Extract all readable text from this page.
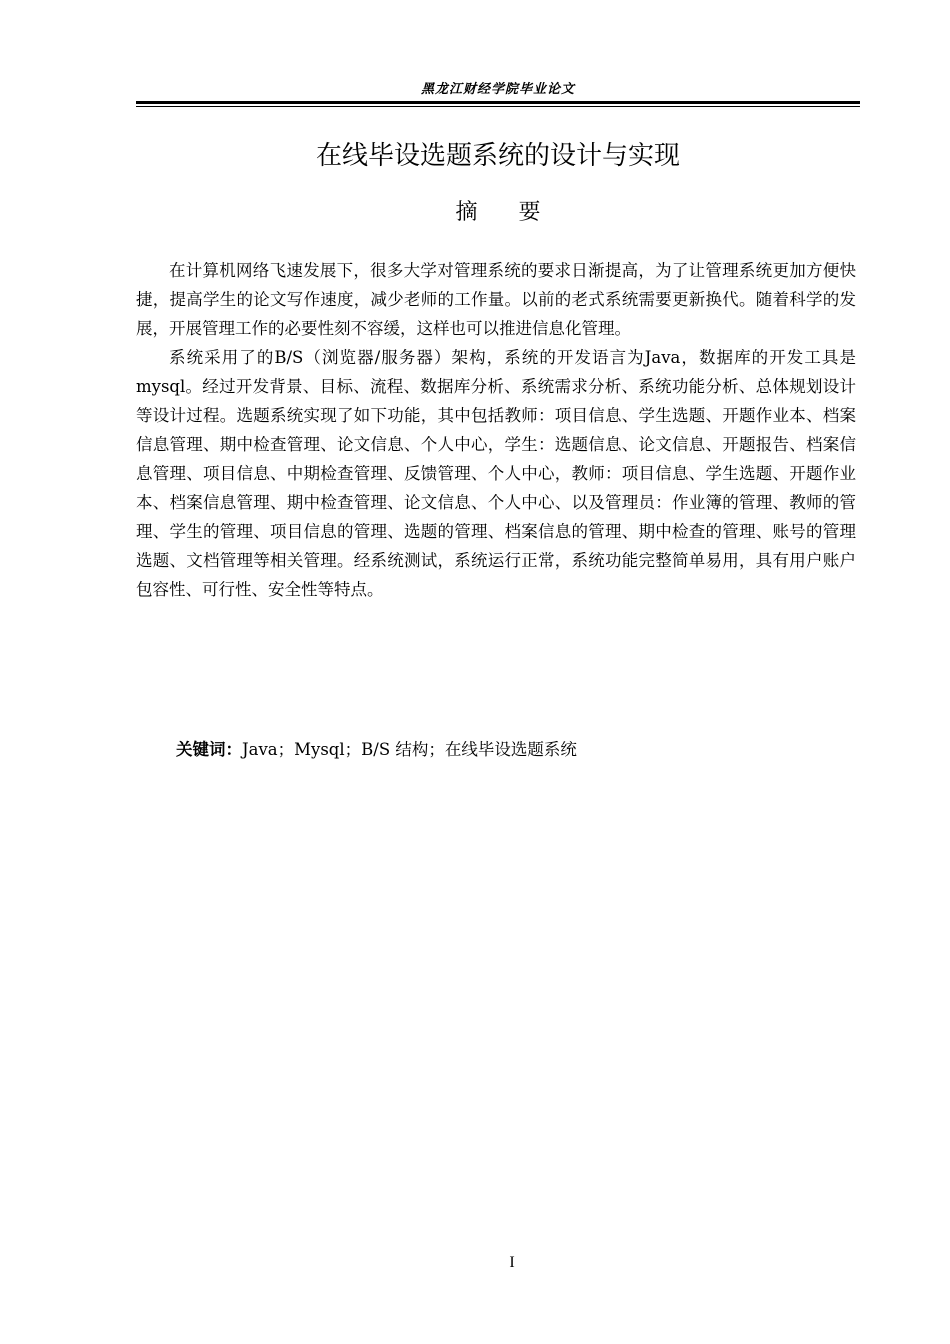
黑龙江财经学院毕业论文
在线毕设选题系统的设计与实现
摘 要

在计算机网络飞速发展下，很多大学对管理系统的要求日渐提高，为了让管理系统更加方便快捷，提高学生的论文写作速度，减少老师的工作量。以前的老式系统需要更新换代。随着科学的发展，开展管理工作的必要性刻不容缓，这样也可以推进信息化管理。

系统采用了的B/S（浏览器/服务器）架构，系统的开发语言为Java，数据库的开发工具是mysql。经过开发背景、目标、流程、数据库分析、系统需求分析、系统功能分析、总体规划设计等设计过程。选题系统实现了如下功能，其中包括教师：项目信息、学生选题、开题作业本、档案信息管理、期中检查管理、论文信息、个人中心，学生：选题信息、论文信息、开题报告、档案信息管理、项目信息、中期检查管理、反馈管理、个人中心，教师：项目信息、学生选题、开题作业本、档案信息管理、期中检查管理、论文信息、个人中心、以及管理员：作业簿的管理、教师的管理、学生的管理、项目信息的管理、选题的管理、档案信息的管理、期中检查的管理、账号的管理选题、文档管理等相关管理。经系统测试，系统运行正常，系统功能完整简单易用，具有用户账户包容性、可行性、安全性等特点。

关键词：Java；Mysql；B/S 结构；在线毕设选题系统
I
